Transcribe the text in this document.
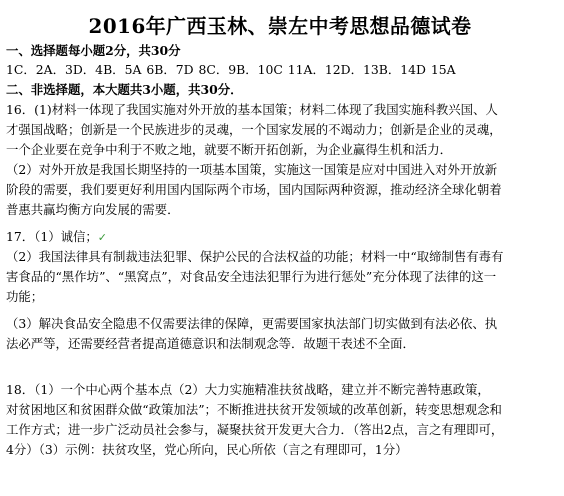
2016年广西玉林、崇左中考思想品德试卷
一、选择题每小题2分，共30分
1C．2A．3D．4B．5A 6B．7D 8C．9B．10C 11A．12D．13B．14D 15A
二、非选择题，本大题共3小题，共30分．
16．(1)材料一体现了我国实施对外开放的基本国策；材料二体现了我国实施科教兴国、人
才强国战略；创新是一个民族进步的灵魂，一个国家发展的不竭动力；创新是企业的灵魂，
一个企业要在竞争中利于不败之地，就要不断开拓创新，为企业赢得生机和活力．
（2）对外开放是我国长期坚持的一项基本国策，实施这一国策是应对中国进入对外开放新
阶段的需要，我们要更好利用国内国际两个市场，国内国际两种资源，推动经济全球化朝着
普惠共赢均衡方向发展的需要．
17．（1）诚信；✓
（2）我国法律具有制裁违法犯罪、保护公民的合法权益的功能；材料一中“取缔制售有毒有
害食品的“黑作坊”、“黑窝点”，对食品安全违法犯罪行为进行惩处”充分体现了法律的这一
功能；
（3）解决食品安全隐患不仅需要法律的保障，更需要国家执法部门切实做到有法必依、执
法必严等，还需要经营者提高道德意识和法制观念等．故题干表述不全面．
18．（1）一个中心两个基本点（2）大力实施精准扶贫战略，建立并不断完善特惠政策，
对贫困地区和贫困群众做“政策加法”；不断推进扶贫开发领域的改革创新，转变思想观念和
工作方式；进一步广泛动员社会参与，凝聚扶贫开发更大合力．（答出2点，言之有理即可，
4分）（3）示例：扶贫攻坚，党心所向，民心所依（言之有理即可，1分）
